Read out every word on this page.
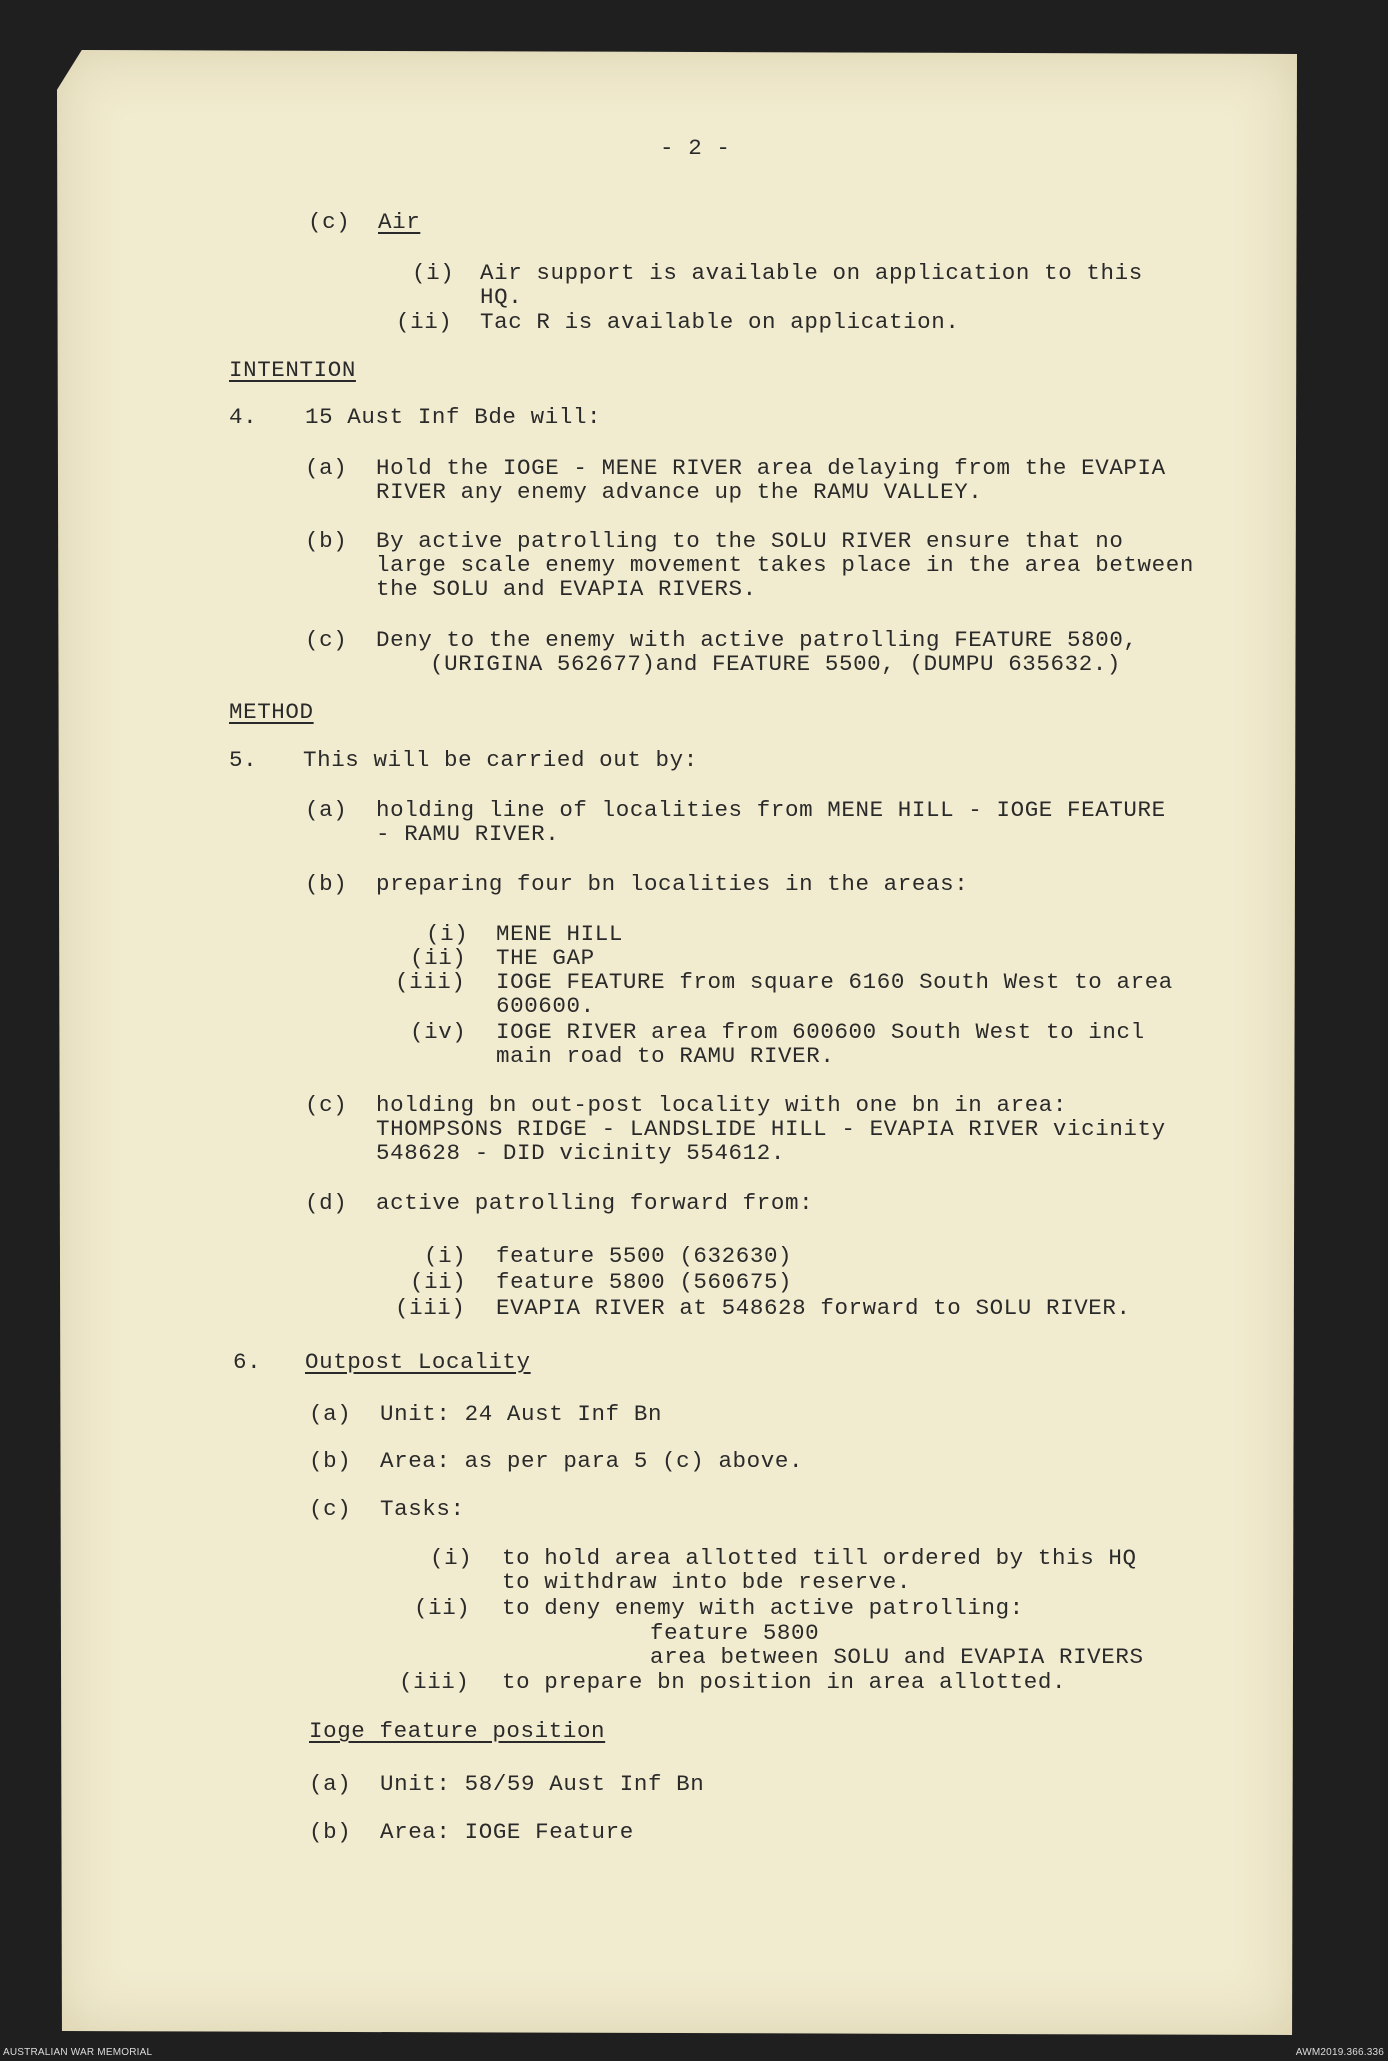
- 2 -
(c) Air
(i) Air support is available on application to this
HQ.
(ii) Tac R is available on application.
INTENTION
4. 15 Aust Inf Bde will:
(a) Hold the IOGE - MENE RIVER area delaying from the EVAPIA
RIVER any enemy advance up the RAMU VALLEY.
(b) By active patrolling to the SOLU RIVER ensure that no
large scale enemy movement takes place in the area between
the SOLU and EVAPIA RIVERS.
(c) Deny to the enemy with active patrolling FEATURE 5800,
(URIGINA 562677)and FEATURE 5500, (DUMPU 635632.)
METHOD
5. This will be carried out by:
(a) holding line of localities from MENE HILL - IOGE FEATURE
- RAMU RIVER.
(b) preparing four bn localities in the areas:
(i) MENE HILL
(ii) THE GAP
(iii) IOGE FEATURE from square 6160 South West to area
600600.
(iv) IOGE RIVER area from 600600 South West to incl
main road to RAMU RIVER.
(c) holding bn out-post locality with one bn in area:
THOMPSONS RIDGE - LANDSLIDE HILL - EVAPIA RIVER vicinity
548628 - DID vicinity 554612.
(d) active patrolling forward from:
(i) feature 5500 (632630)
(ii) feature 5800 (560675)
(iii) EVAPIA RIVER at 548628 forward to SOLU RIVER.
6. Outpost Locality
(a) Unit: 24 Aust Inf Bn
(b) Area: as per para 5 (c) above.
(c) Tasks:
(i) to hold area allotted till ordered by this HQ
to withdraw into bde reserve.
(ii) to deny enemy with active patrolling:
feature 5800
area between SOLU and EVAPIA RIVERS
(iii) to prepare bn position in area allotted.
Ioge feature position
(a) Unit: 58/59 Aust Inf Bn
(b) Area: IOGE Feature
AUSTRALIAN WAR MEMORIAL	AWM2019.366.336
